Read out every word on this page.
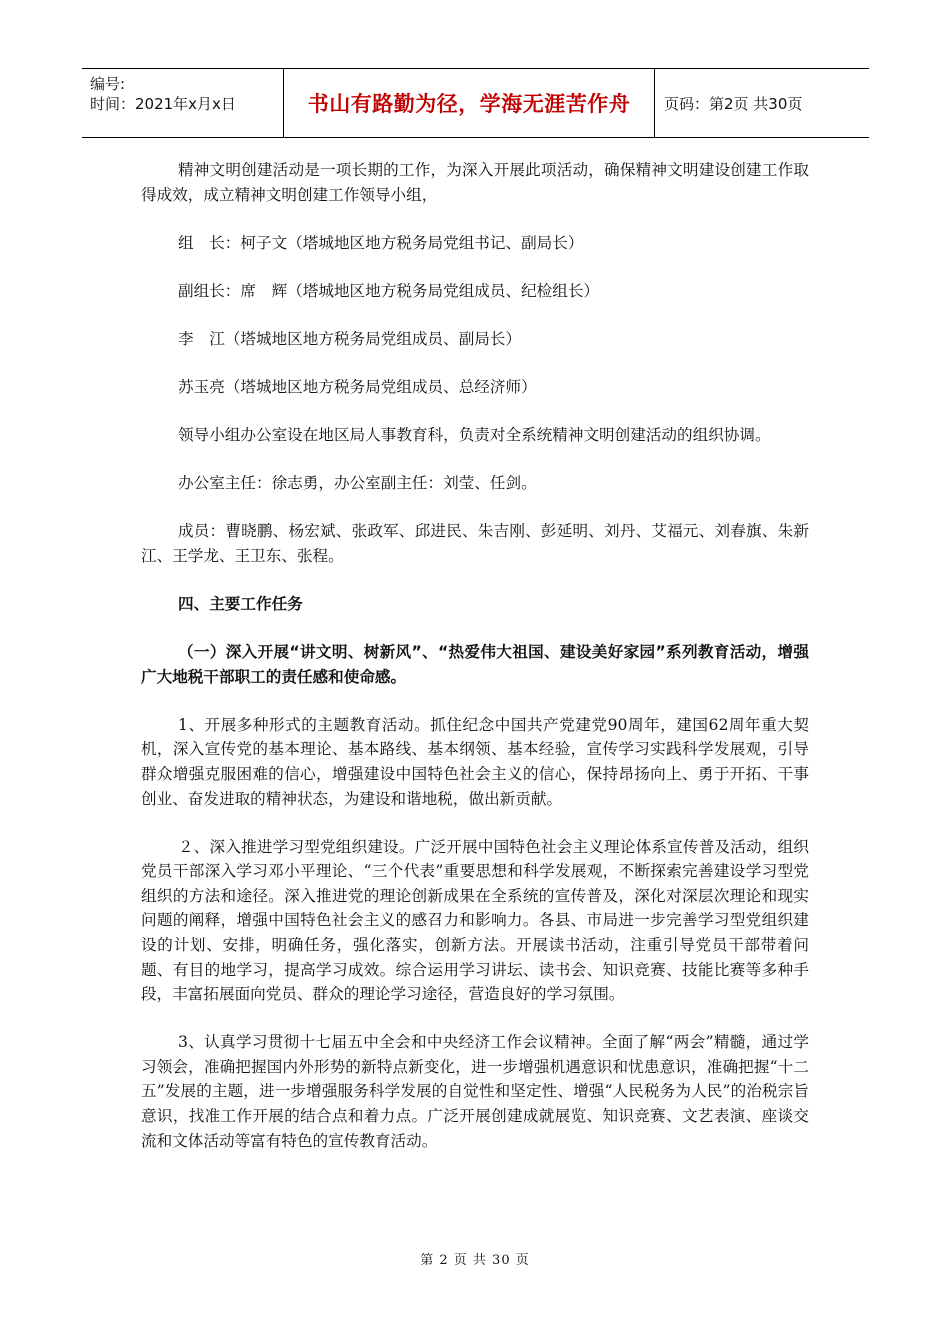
编号:
时间：2021年x月x日	书山有路勤为径，学海无涯苦作舟	页码：第2页 共30页

精神文明创建活动是一项长期的工作，为深入开展此项活动，确保精神文明建设创建工作取得成效，成立精神文明创建工作领导小组，

组　长：柯子文（塔城地区地方税务局党组书记、副局长）

副组长：席　辉（塔城地区地方税务局党组成员、纪检组长）

李　江（塔城地区地方税务局党组成员、副局长）

苏玉亮（塔城地区地方税务局党组成员、总经济师）

领导小组办公室设在地区局人事教育科，负责对全系统精神文明创建活动的组织协调。

办公室主任：徐志勇，办公室副主任：刘莹、任剑。

成员：曹晓鹏、杨宏斌、张政军、邱进民、朱吉刚、彭延明、刘丹、艾福元、刘春旗、朱新江、王学龙、王卫东、张程。

四、主要工作任务

（一）深入开展“讲文明、树新风”、“热爱伟大祖国、建设美好家园”系列教育活动，增强广大地税干部职工的责任感和使命感。

1、开展多种形式的主题教育活动。抓住纪念中国共产党建党90周年，建国62周年重大契机，深入宣传党的基本理论、基本路线、基本纲领、基本经验，宣传学习实践科学发展观，引导群众增强克服困难的信心，增强建设中国特色社会主义的信心，保持昂扬向上、勇于开拓、干事创业、奋发进取的精神状态，为建设和谐地税，做出新贡献。

２、深入推进学习型党组织建设。广泛开展中国特色社会主义理论体系宣传普及活动，组织党员干部深入学习邓小平理论、“三个代表”重要思想和科学发展观，不断探索完善建设学习型党组织的方法和途径。深入推进党的理论创新成果在全系统的宣传普及，深化对深层次理论和现实问题的阐释，增强中国特色社会主义的感召力和影响力。各县、市局进一步完善学习型党组织建设的计划、安排，明确任务，强化落实，创新方法。开展读书活动，注重引导党员干部带着问题、有目的地学习，提高学习成效。综合运用学习讲坛、读书会、知识竞赛、技能比赛等多种手段，丰富拓展面向党员、群众的理论学习途径，营造良好的学习氛围。

3、认真学习贯彻十七届五中全会和中央经济工作会议精神。全面了解“两会”精髓，通过学习领会，准确把握国内外形势的新特点新变化，进一步增强机遇意识和忧患意识，准确把握“十二五”发展的主题，进一步增强服务科学发展的自觉性和坚定性、增强“人民税务为人民”的治税宗旨意识，找准工作开展的结合点和着力点。广泛开展创建成就展览、知识竞赛、文艺表演、座谈交流和文体活动等富有特色的宣传教育活动。

第 2 页 共 30 页
